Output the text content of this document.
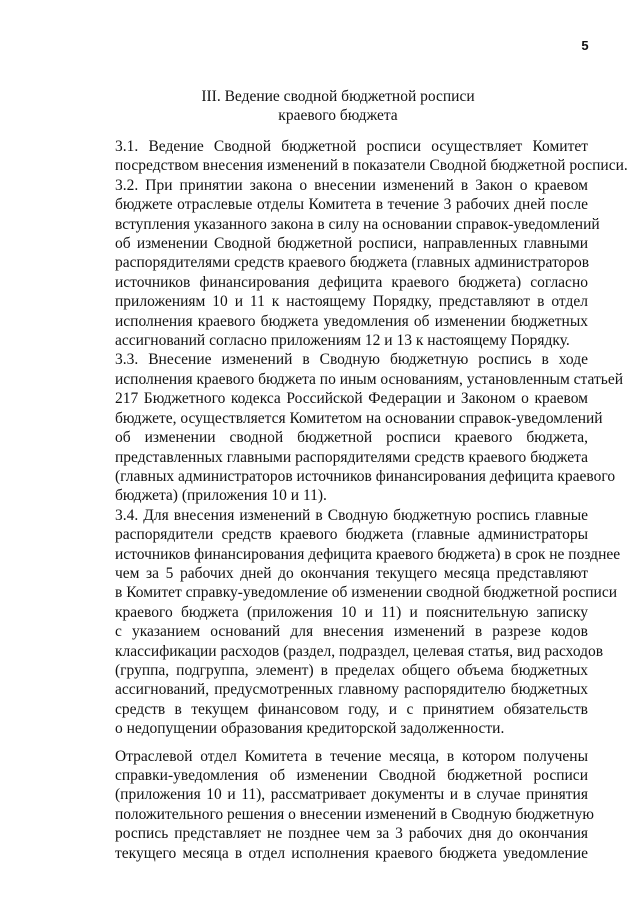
5
III. Ведение сводной бюджетной росписи
краевого бюджета

3.1. Ведение Сводной бюджетной росписи осуществляет Комитет
посредством внесения изменений в показатели Сводной бюджетной росписи.

3.2. При принятии закона о внесении изменений в Закон о краевом
бюджете отраслевые отделы Комитета в течение 3 рабочих дней после
вступления указанного закона в силу на основании справок-уведомлений
об изменении Сводной бюджетной росписи, направленных главными
распорядителями средств краевого бюджета (главных администраторов
источников финансирования дефицита краевого бюджета) согласно
приложениям 10 и 11 к настоящему Порядку, представляют в отдел
исполнения краевого бюджета уведомления об изменении бюджетных
ассигнований согласно приложениям 12 и 13 к настоящему Порядку.

3.3. Внесение изменений в Сводную бюджетную роспись в ходе
исполнения краевого бюджета по иным основаниям, установленным статьей
217 Бюджетного кодекса Российской Федерации и Законом о краевом
бюджете, осуществляется Комитетом на основании справок-уведомлений
об изменении сводной бюджетной росписи краевого бюджета,
представленных главными распорядителями средств краевого бюджета
(главных администраторов источников финансирования дефицита краевого
бюджета) (приложения 10 и 11).

3.4. Для внесения изменений в Сводную бюджетную роспись главные
распорядители средств краевого бюджета (главные администраторы
источников финансирования дефицита краевого бюджета) в срок не позднее
чем за 5 рабочих дней до окончания текущего месяца представляют
в Комитет справку-уведомление об изменении сводной бюджетной росписи
краевого бюджета (приложения 10 и 11) и пояснительную записку
с указанием оснований для внесения изменений в разрезе кодов
классификации расходов (раздел, подраздел, целевая статья, вид расходов
(группа, подгруппа, элемент) в пределах общего объема бюджетных
ассигнований, предусмотренных главному распорядителю бюджетных
средств в текущем финансовом году, и с принятием обязательств
о недопущении образования кредиторской задолженности.

Отраслевой отдел Комитета в течение месяца, в котором получены
справки-уведомления об изменении Сводной бюджетной росписи
(приложения 10 и 11), рассматривает документы и в случае принятия
положительного решения о внесении изменений в Сводную бюджетную
роспись представляет не позднее чем за 3 рабочих дня до окончания
текущего месяца в отдел исполнения краевого бюджета уведомление
